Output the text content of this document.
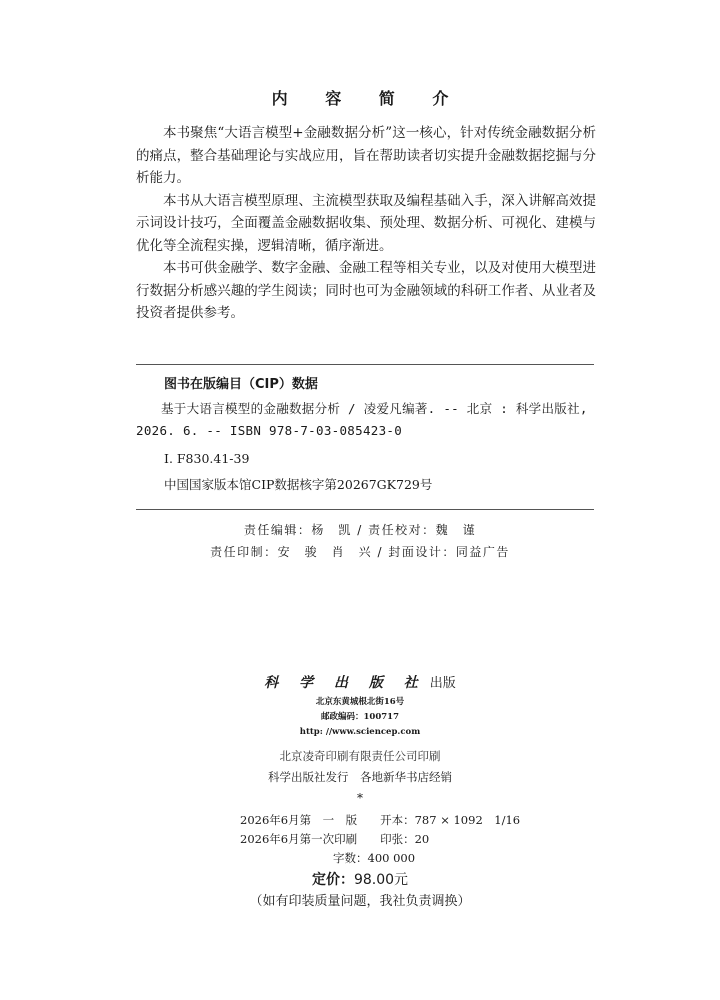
内 容 简 介

本书聚焦“大语言模型+金融数据分析”这一核心，针对传统金融数据分析的痛点，整合基础理论与实战应用，旨在帮助读者切实提升金融数据挖掘与分析能力。

本书从大语言模型原理、主流模型获取及编程基础入手，深入讲解高效提示词设计技巧，全面覆盖金融数据收集、预处理、数据分析、可视化、建模与优化等全流程实操，逻辑清晰，循序渐进。

本书可供金融学、数字金融、金融工程等相关专业，以及对使用大模型进行数据分析感兴趣的学生阅读；同时也可为金融领域的科研工作者、从业者及投资者提供参考。

图书在版编目（CIP）数据

基于大语言模型的金融数据分析 / 凌爱凡编著. -- 北京 : 科学出版社, 2026. 6. -- ISBN 978-7-03-085423-0

Ⅰ. F830.41-39

中国国家版本馆CIP数据核字第20267GK729号

责任编辑：杨　凯 / 责任校对：魏　谨
责任印制：安　骏　肖　兴 / 封面设计：同益广告
科 学 出 版 社 出版
北京东黄城根北街16号
邮政编码：100717
http: //www.sciencep.com
北京凌奇印刷有限责任公司印刷
科学出版社发行　各地新华书店经销
*
2026年6月第　一　版　　 开本：787 × 1092　1/16
2026年6月第一次印刷　　 印张：20
字数：400 000
定价：98.00元
（如有印装质量问题，我社负责调换）
